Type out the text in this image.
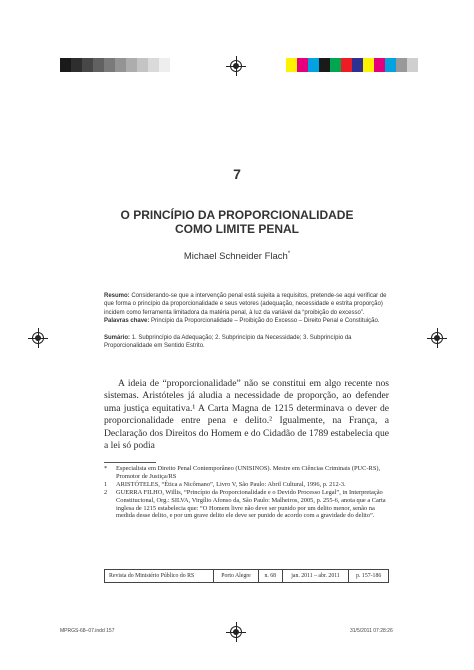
7
O PRINCÍPIO DA PROPORCIONALIDADE
COMO LIMITE PENAL
Michael Schneider Flach*
Resumo: Considerando-se que a intervenção penal está sujeita a requisitos, pretende-se aqui verificar de que forma o princípio da proporcionalidade e seus vetores (adequação, necessidade e estrita proporção) incidem como ferramenta limitadora da matéria penal, à luz da variável da “proibição do excesso”.
Palavras chave: Princípio da Proporcionalidade – Proibição do Excesso – Direito Penal e Constituição.
Sumário: 1. Subprincípio da Adequação; 2. Subprincípio da Necessidade; 3. Subprincípio da Proporcionalidade em Sentido Estrito.

A ideia de “proporcionalidade” não se constitui em algo recente nos sistemas. Aristóteles já aludia a necessidade de proporção, ao defender uma justiça equitativa.¹ A Carta Magna de 1215 determinava o dever de proporcionalidade entre pena e delito.² Igualmente, na França, a Declaração dos Direitos do Homem e do Cidadão de 1789 estabelecia que a lei só podia

*	Especialista em Direito Penal Contemporâneo (UNISINOS). Mestre em Ciências Criminais (PUC-RS), Promotor de Justiça/RS
1	ARISTÓTELES, “Ética a Nicômano”, Livro V, São Paulo: Abril Cultural, 1996, p. 212-3.
2	GUERRA FILHO, Willis, “Princípio da Proporcionalidade e o Devido Processo Legal”, in Interpretação Constitucional, Org.: SILVA, Virgílio Afonso da, São Paulo: Malheiros, 2005, p. 255-6, anota que a Carta inglesa de 1215 estabelecia que: “O Homem livre não deve ser punido por um delito menor, senão na medida desse delito, e por um grave delito ele deve ser punido de acordo com a gravidade do delito”.
Revista do Ministério Público do RS	Porto Alegre	n. 68	jan. 2011 – abr. 2011	p. 157-186
MPRGS-68–07.indd 157	31/5/2011 07:28:26
